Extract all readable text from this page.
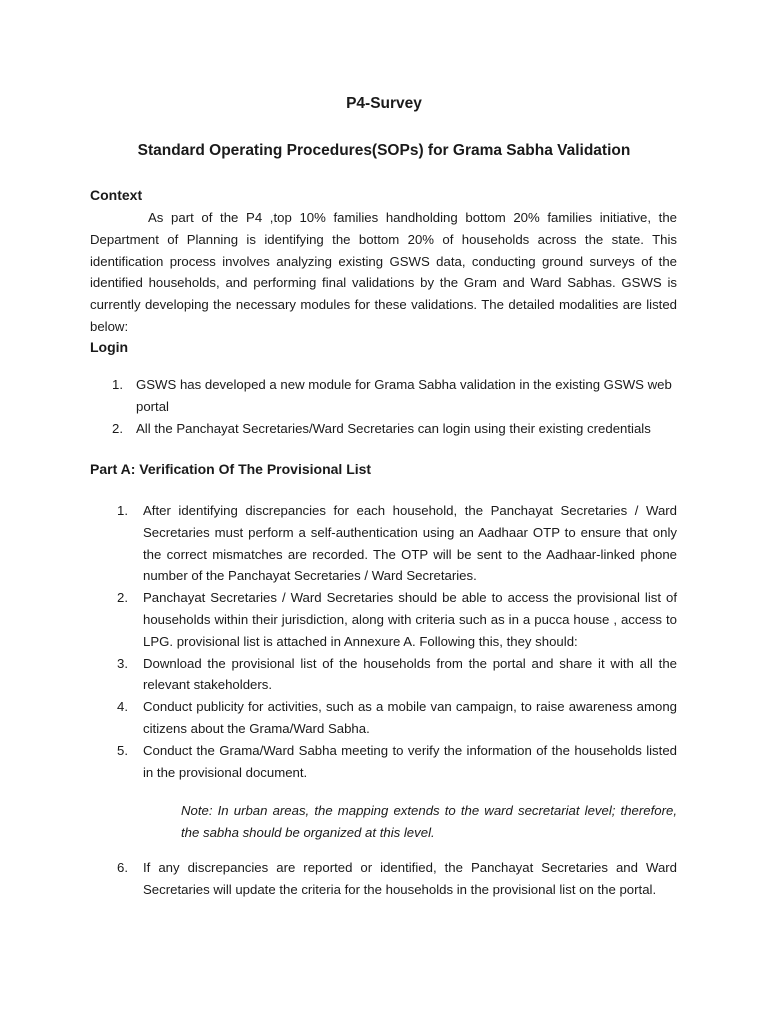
P4-Survey
Standard Operating Procedures(SOPs) for Grama Sabha Validation
Context
As part of the P4 ,top 10% families handholding bottom 20% families initiative, the Department of Planning is identifying the bottom 20% of households across the state. This identification process involves analyzing existing GSWS data, conducting ground surveys of the identified households, and performing final validations by the Gram and Ward Sabhas. GSWS is currently developing the necessary modules for these validations. The detailed modalities are listed below:
Login
1. GSWS has developed a new module for Grama Sabha validation in the existing GSWS web portal
2. All the Panchayat Secretaries/Ward Secretaries can login using their existing credentials
Part A: Verification Of The Provisional List
1. After identifying discrepancies for each household, the Panchayat Secretaries / Ward Secretaries must perform a self-authentication using an Aadhaar OTP to ensure that only the correct mismatches are recorded. The OTP will be sent to the Aadhaar-linked phone number of the Panchayat Secretaries / Ward Secretaries.
2. Panchayat Secretaries / Ward Secretaries should be able to access the provisional list of households within their jurisdiction, along with criteria such as in a pucca house , access to LPG. provisional list is attached in Annexure A. Following this, they should:
3. Download the provisional list of the households from the portal and share it with all the relevant stakeholders.
4. Conduct publicity for activities, such as a mobile van campaign, to raise awareness among citizens about the Grama/Ward Sabha.
5. Conduct the Grama/Ward Sabha meeting to verify the information of the households listed in the provisional document.
Note: In urban areas, the mapping extends to the ward secretariat level; therefore, the sabha should be organized at this level.
6. If any discrepancies are reported or identified, the Panchayat Secretaries and Ward Secretaries will update the criteria for the households in the provisional list on the portal.
